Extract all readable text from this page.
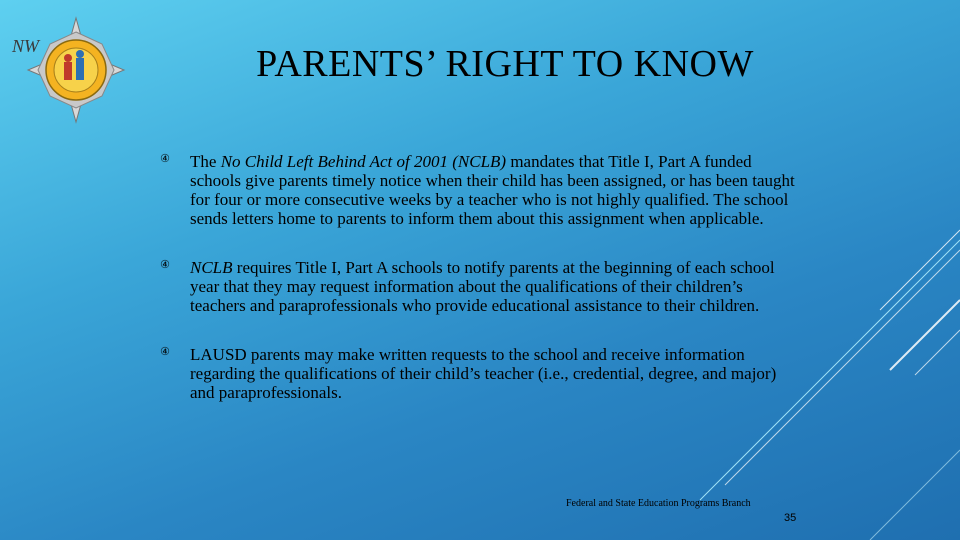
NW	PARENTS’ RIGHT TO KNOW
④ The No Child Left Behind Act of 2001 (NCLB) mandates that Title I, Part A funded schools give parents timely notice when their child has been assigned, or has been taught for four or more consecutive weeks by a teacher who is not highly qualified. The school sends letters home to parents to inform them about this assignment when applicable.
④ NCLB requires Title I, Part A schools to notify parents at the beginning of each school year that they may request information about the qualifications of their children’s teachers and paraprofessionals who provide educational assistance to their children.
④ LAUSD parents may make written requests to the school and receive information regarding the qualifications of their child’s teacher (i.e., credential, degree, and major) and paraprofessionals.
Federal and State Education Programs Branch
35
